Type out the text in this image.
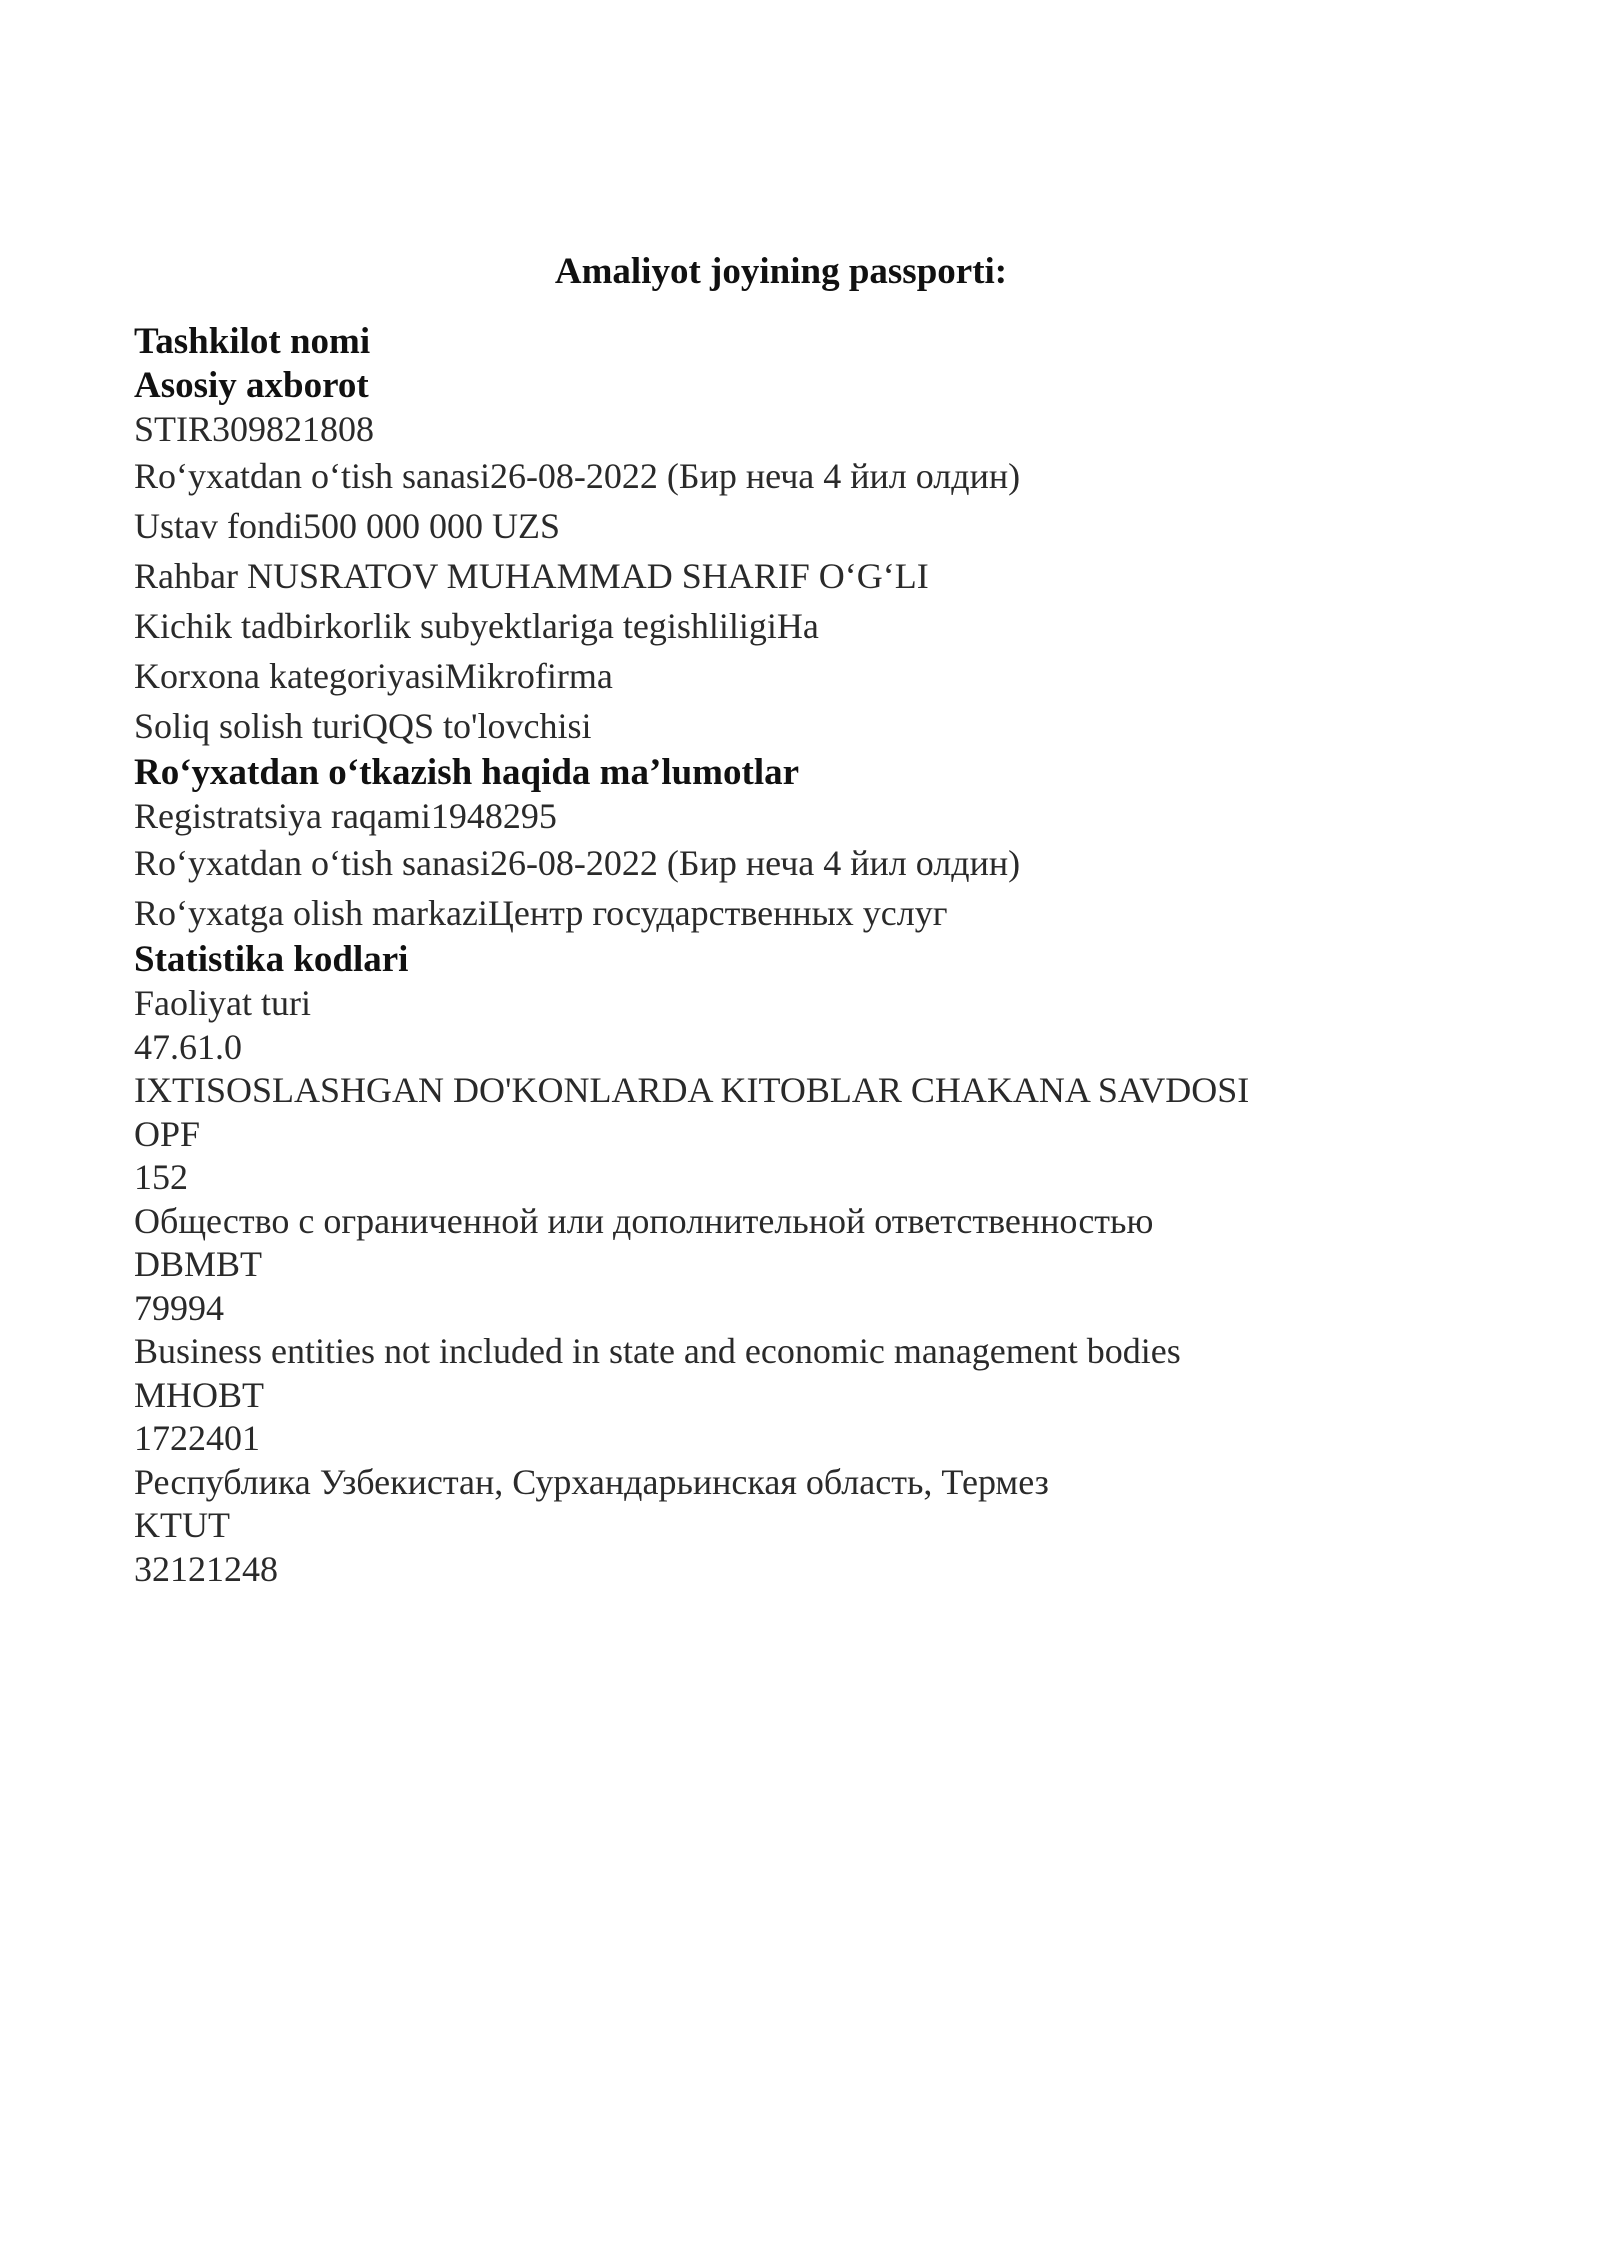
Amaliyot joyining passporti:
Tashkilot nomi
Asosiy axborot
STIR309821808
Ro‘yxatdan o‘tish sanasi26-08-2022 (Бир неча 4 йил олдин)
Ustav fondi500 000 000 UZS
Rahbar NUSRATOV MUHAMMAD SHARIF O‘G‘LI
Kichik tadbirkorlik subyektlariga tegishliligiHa
Korxona kategoriyasiMikrofirma
Soliq solish turiQQS to'lovchisi
Ro‘yxatdan o‘tkazish haqida ma’lumotlar
Registratsiya raqami1948295
Ro‘yxatdan o‘tish sanasi26-08-2022 (Бир неча 4 йил олдин)
Ro‘yxatga olish markaziЦентр государственных услуг
Statistika kodlari
Faoliyat turi
47.61.0
IXTISOSLASHGAN DO'KONLARDA KITOBLAR CHAKANA SAVDOSI
OPF
152
Общество с ограниченной или дополнительной ответственностью
DBMBT
79994
Business entities not included in state and economic management bodies
MHOBT
1722401
Республика Узбекистан, Сурхандарьинская область, Термез
KTUT
32121248
